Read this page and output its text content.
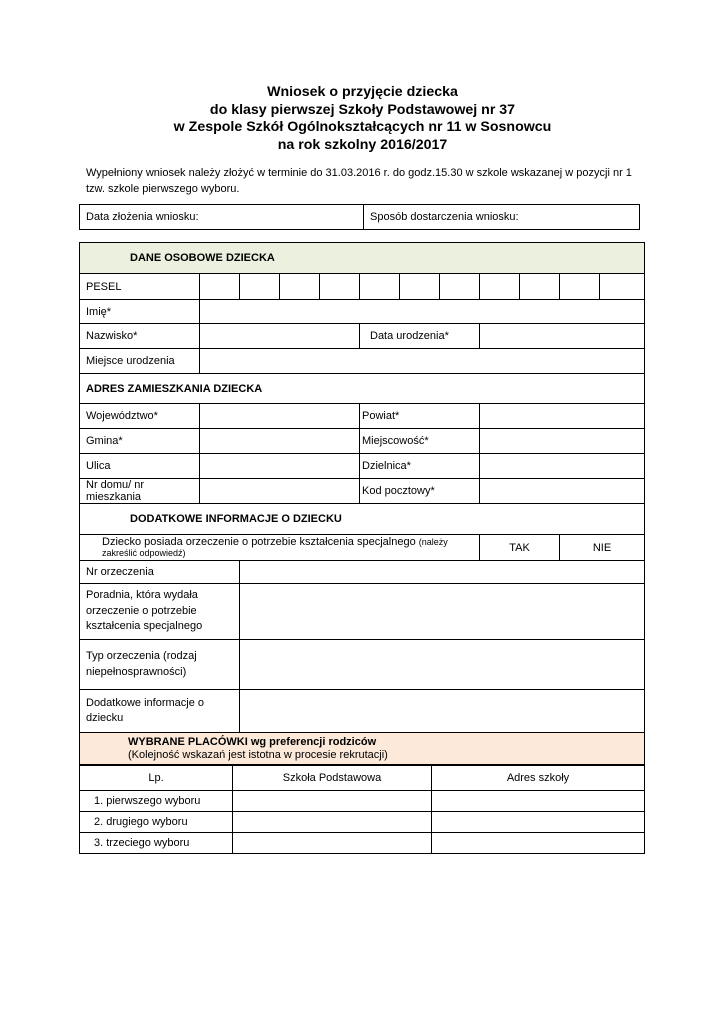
Wniosek o przyjęcie dziecka
do klasy pierwszej Szkoły Podstawowej nr 37
w Zespole Szkół Ogólnokształcących nr 11 w Sosnowcu
na rok szkolny 2016/2017
Wypełniony wniosek należy złożyć w terminie do 31.03.2016 r. do godz.15.30 w szkole wskazanej w pozycji nr 1
tzw. szkole pierwszego wyboru.
Data złożenia wniosku:	Sposób dostarczenia wniosku:
DANE OSOBOWE DZIECKA											
PESEL											
Imię*											
Nazwisko*					Data urodzenia*						
Miejsce urodzenia											
ADRES ZAMIESZKANIA DZIECKA											
Województwo*					Powiat*						
Gmina*					Miejscowość*						
Ulica					Dzielnica*						
Nr domu/ nr mieszkania					Kod pocztowy*						
DODATKOWE INFORMACJE O DZIECKU											
Dziecko posiada orzeczenie o potrzebie kształcenia specjalnego (należy
zakreślić odpowiedź)								TAK		NIE	
Nr orzeczenia											
Poradnia, która wydała
orzeczenie o potrzebie
kształcenia specjalnego											
Typ orzeczenia (rodzaj
niepełnosprawności)											
Dodatkowe informacje o
dziecku											
WYBRANE PLACÓWKI wg preferencji rodziców
(Kolejność wskazań jest istotna w procesie rekrutacji)											
Lp.	Szkoła Podstawowa	Adres szkoły
1. pierwszego wyboru		
2. drugiego wyboru		
3. trzeciego wyboru		
